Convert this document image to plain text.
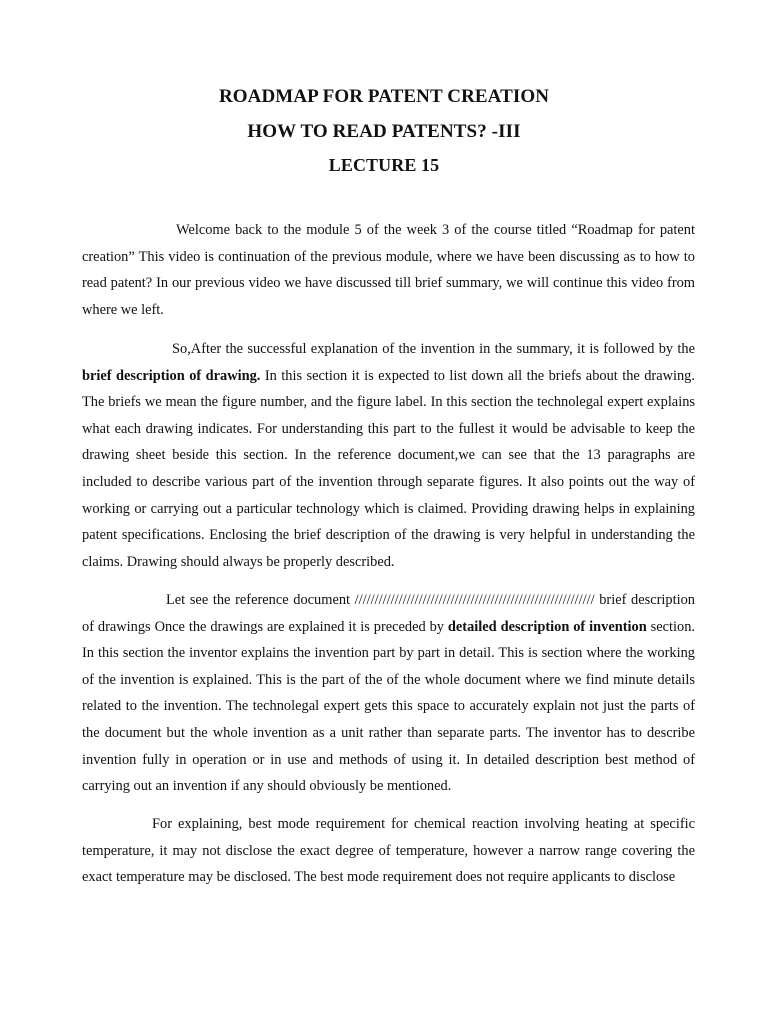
ROADMAP FOR PATENT CREATION
HOW TO READ PATENTS? -III
LECTURE 15

Welcome back to the module 5 of the week 3 of the course titled “Roadmap for patent creation” This video is continuation of the previous module, where we have been discussing as to how to read patent? In our previous video we have discussed till brief summary, we will continue this video from where we left.

So,After the successful explanation of the invention in the summary, it is followed by the brief description of drawing. In this section it is expected to list down all the briefs about the drawing. The briefs we mean the figure number, and the figure label. In this section the technolegal expert explains what each drawing indicates. For understanding this part to the fullest it would be advisable to keep the drawing sheet beside this section. In the reference document,we can see that the 13 paragraphs are included to describe various part of the invention through separate figures. It also points out the way of working or carrying out a particular technology which is claimed. Providing drawing helps in explaining patent specifications. Enclosing the brief description of the drawing is very helpful in understanding the claims. Drawing should always be properly described.

Let see the reference document //////////////////////////////////////////////////////////// brief description of drawings Once the drawings are explained it is preceded by detailed description of invention section. In this section the inventor explains the invention part by part in detail. This is section where the working of the invention is explained. This is the part of the of the whole document where we find minute details related to the invention. The technolegal expert gets this space to accurately explain not just the parts of the document but the whole invention as a unit rather than separate parts. The inventor has to describe invention fully in operation or in use and methods of using it. In detailed description best method of carrying out an invention if any should obviously be mentioned.

For explaining, best mode requirement for chemical reaction involving heating at specific temperature, it may not disclose the exact degree of temperature, however a narrow range covering the exact temperature may be disclosed. The best mode requirement does not require applicants to disclose
